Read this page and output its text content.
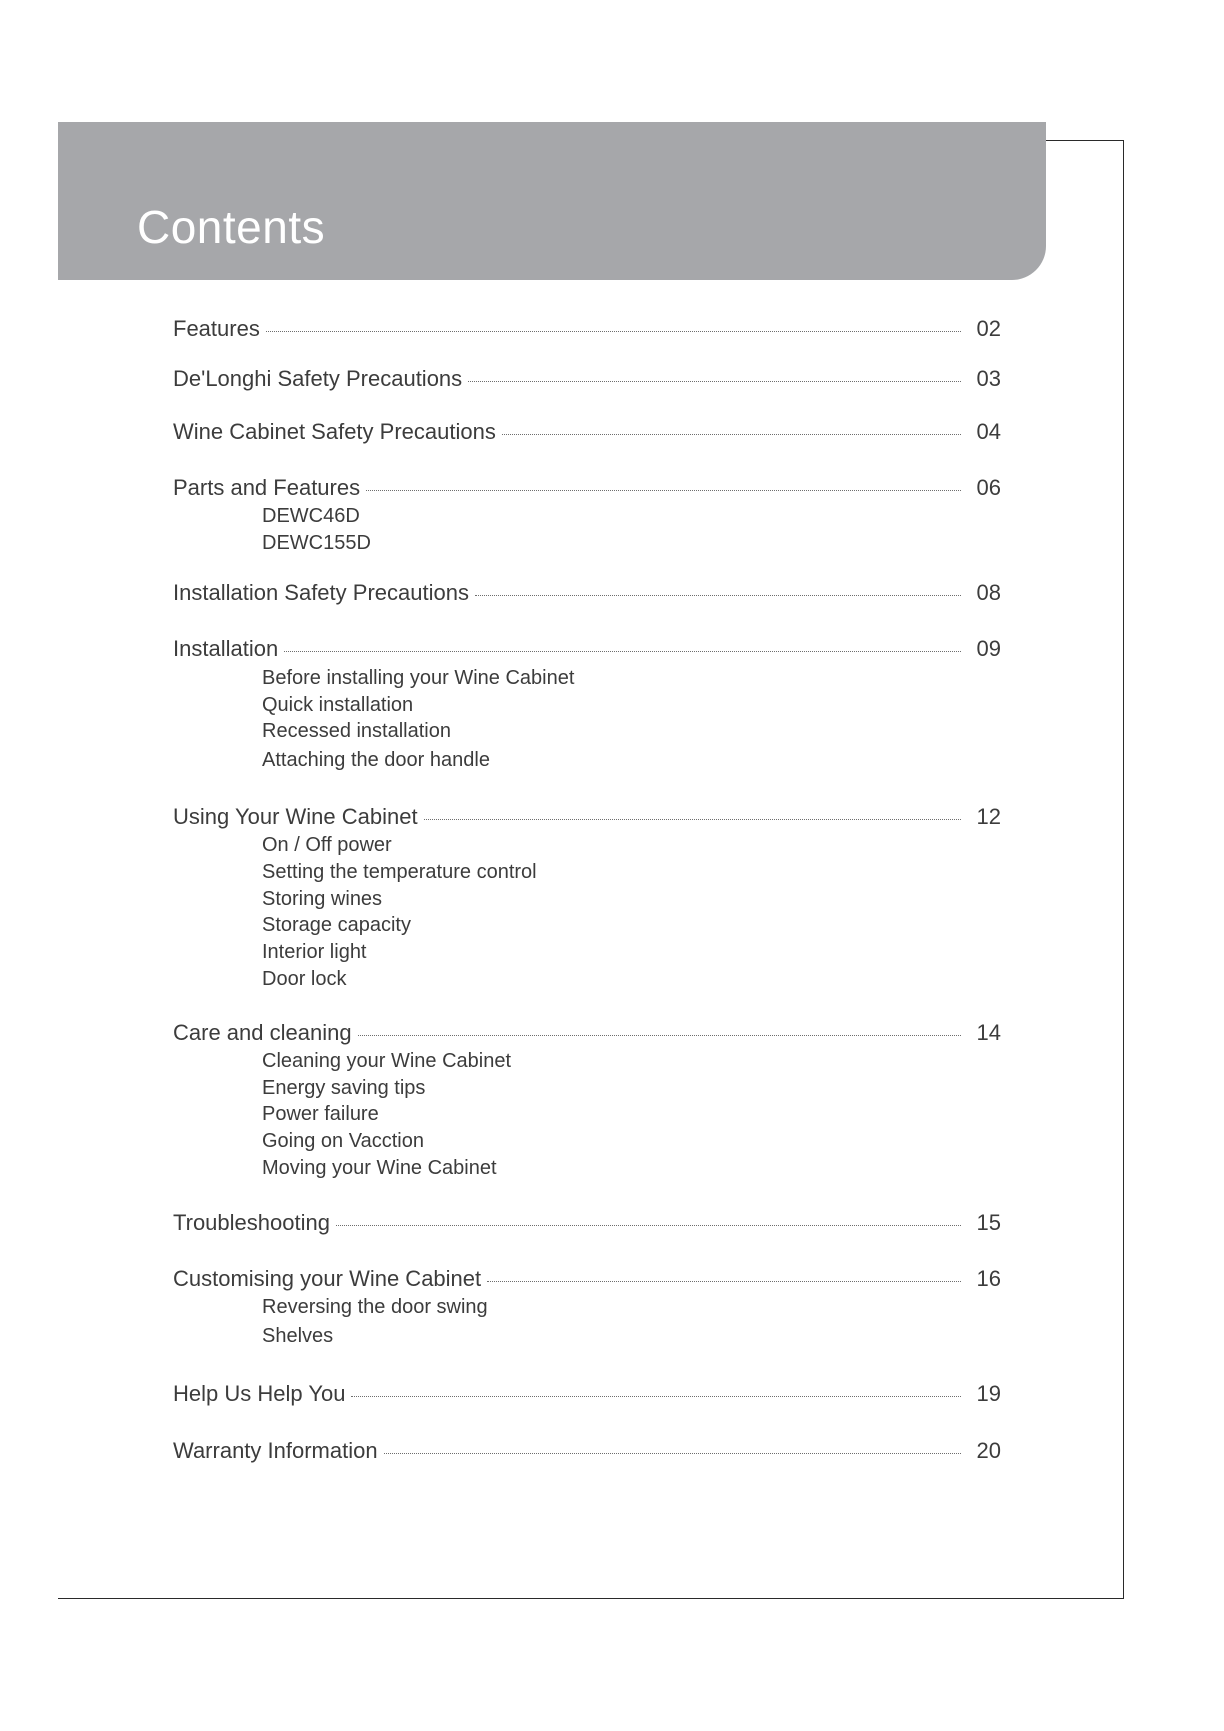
Contents
Features	02
De'Longhi Safety Precautions	03
Wine Cabinet Safety Precautions	04
Parts and Features	06
DEWC46D
DEWC155D
Installation Safety Precautions	08
Installation	09
Before installing your Wine Cabinet
Quick installation
Recessed installation
Attaching the door handle
Using Your Wine Cabinet	12
On / Off power
Setting the temperature control
Storing wines
Storage capacity
Interior light
Door lock
Care and cleaning	14
Cleaning your Wine Cabinet
Energy saving tips
Power failure
Going on Vacction
Moving your Wine Cabinet
Troubleshooting	15
Customising your Wine Cabinet	16
Reversing the door swing
Shelves
Help Us Help You	19
Warranty Information	20
